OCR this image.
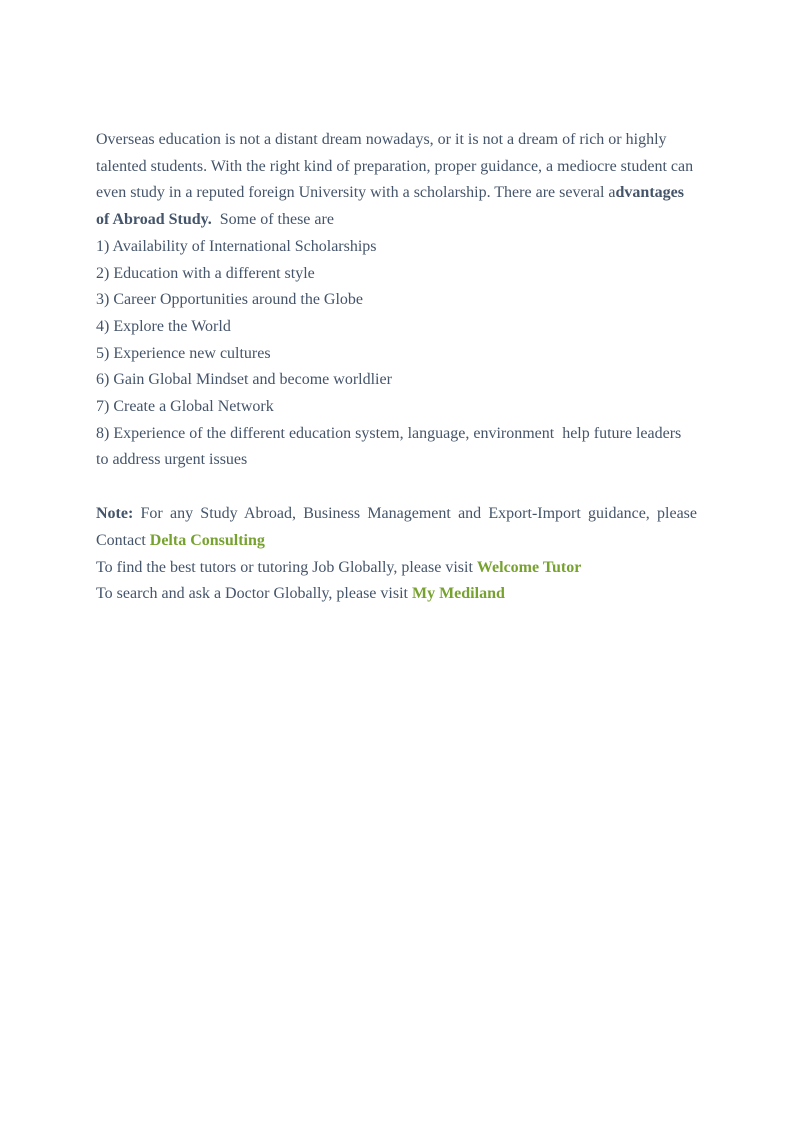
Overseas education is not a distant dream nowadays, or it is not a dream of rich or highly talented students. With the right kind of preparation, proper guidance, a mediocre student can even study in a reputed foreign University with a scholarship. There are several advantages of Abroad Study.  Some of these are

1) Availability of International Scholarships

2) Education with a different style

3) Career Opportunities around the Globe

4) Explore the World

5) Experience new cultures

6) Gain Global Mindset and become worldlier

7) Create a Global Network

8) Experience of the different education system, language, environment  help future leaders to address urgent issues

Note: For any Study Abroad, Business Management and Export-Import guidance, please

Contact Delta Consulting

To find the best tutors or tutoring Job Globally, please visit Welcome Tutor

To search and ask a Doctor Globally, please visit My Mediland
